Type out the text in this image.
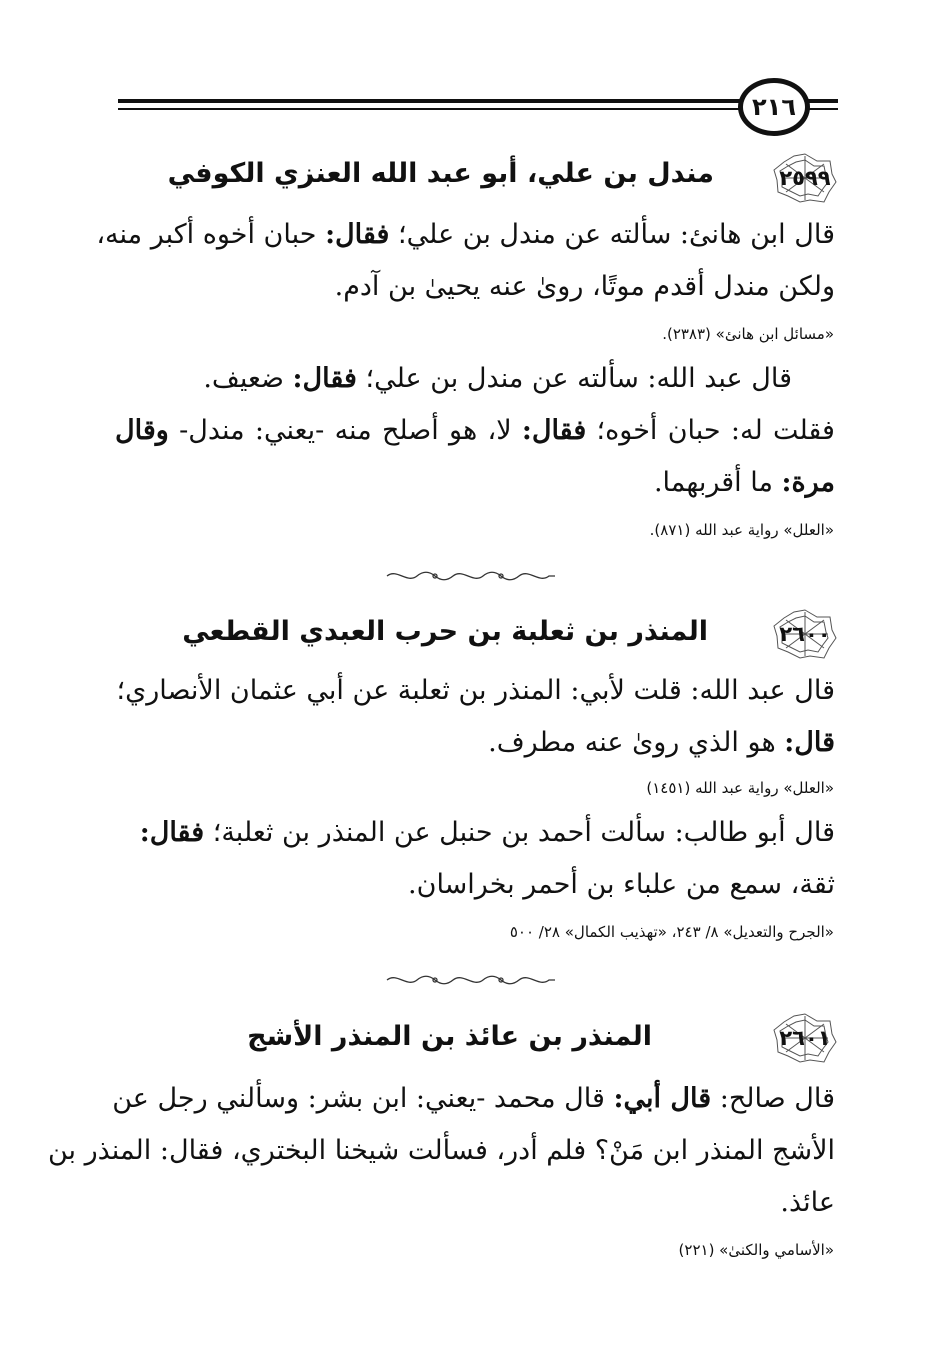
٢١٦
٢٥٩٩
مندل بن علي، أبو عبد الله العنزي الكوفي
قال ابن هانئ: سألته عن مندل بن علي؛ فقال: حبان أخوه أكبر منه،
ولكن مندل أقدم موتًا، روىٰ عنه يحيىٰ بن آدم.
«مسائل ابن هانئ» (٢٣٨٣).
قال عبد الله: سألته عن مندل بن علي؛ فقال: ضعيف.
فقلت له: حبان أخوه؛ فقال: لا، هو أصلح منه -يعني: مندل- وقال
مرة: ما أقربهما.
«العلل» رواية عبد الله (٨٧١).
٢٦٠٠
المنذر بن ثعلبة بن حرب العبدي القطعي
قال عبد الله: قلت لأبي: المنذر بن ثعلبة عن أبي عثمان الأنصاري؛
قال: هو الذي روىٰ عنه مطرف.
«العلل» رواية عبد الله (١٤٥١)
قال أبو طالب: سألت أحمد بن حنبل عن المنذر بن ثعلبة؛ فقال:
ثقة، سمع من علباء بن أحمر بخراسان.
«الجرح والتعديل» ٨/ ٢٤٣، «تهذيب الكمال» ٢٨/ ٥٠٠
٢٦٠١
المنذر بن عائذ بن المنذر الأشج
قال صالح: قال أبي: قال محمد -يعني: ابن بشر: وسألني رجل عن
الأشج المنذر ابن مَنْ؟ فلم أدر، فسألت شيخنا البختري، فقال: المنذر بن
عائذ.
«الأسامي والكنىٰ» (٢٢١)
